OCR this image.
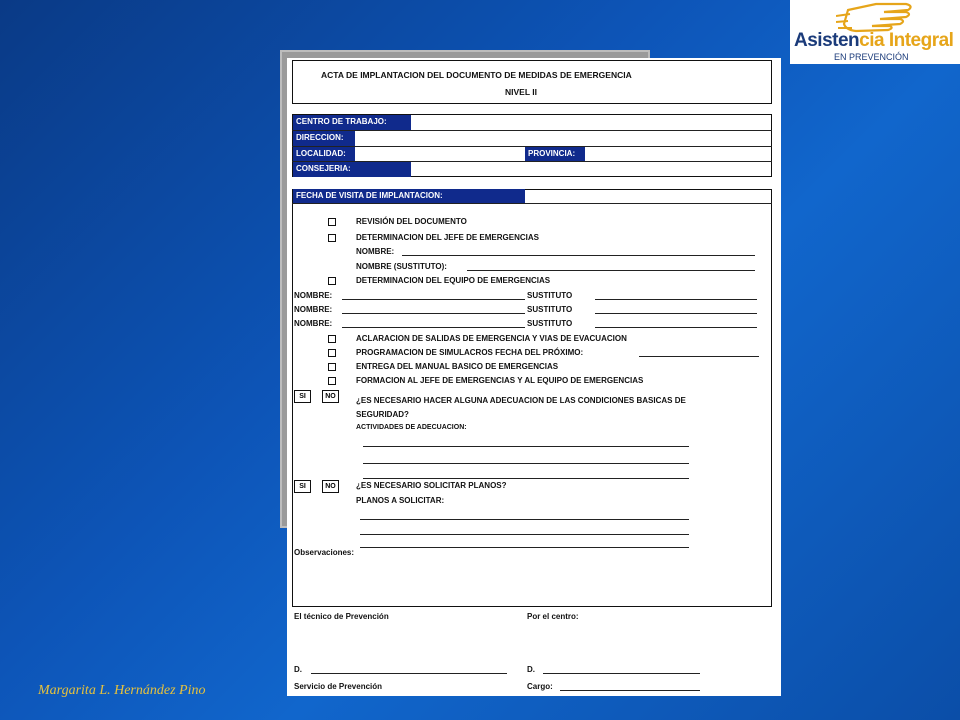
ACTA DE IMPLANTACION DEL DOCUMENTO DE MEDIDAS DE EMERGENCIA
NIVEL II
CENTRO DE TRABAJO:
DIRECCION:
LOCALIDAD:	PROVINCIA:
CONSEJERIA:
FECHA DE VISITA DE IMPLANTACION:
REVISIÓN DEL DOCUMENTO
DETERMINACION DEL JEFE DE EMERGENCIAS
NOMBRE:
NOMBRE (SUSTITUTO):
DETERMINACION DEL EQUIPO DE EMERGENCIAS
NOMBRE:	SUSTITUTO
NOMBRE:	SUSTITUTO
NOMBRE:	SUSTITUTO
ACLARACION DE SALIDAS DE EMERGENCIA Y VIAS DE EVACUACION
PROGRAMACION DE SIMULACROS FECHA DEL PRÓXIMO:
ENTREGA DEL MANUAL BASICO DE EMERGENCIAS
FORMACION AL JEFE DE EMERGENCIAS Y AL EQUIPO DE EMERGENCIAS
SI	NO	¿ES NECESARIO HACER ALGUNA ADECUACION DE LAS CONDICIONES BASICAS DE
SEGURIDAD?
ACTIVIDADES DE ADECUACION:
SI	NO	¿ES NECESARIO SOLICITAR PLANOS?
PLANOS A SOLICITAR:
Observaciones:
El técnico de Prevención	Por el centro:
D.	D.
Servicio de Prevención	Cargo:
Asistencia Integral
EN PREVENCIÓN
Margarita L. Hernández Pino
